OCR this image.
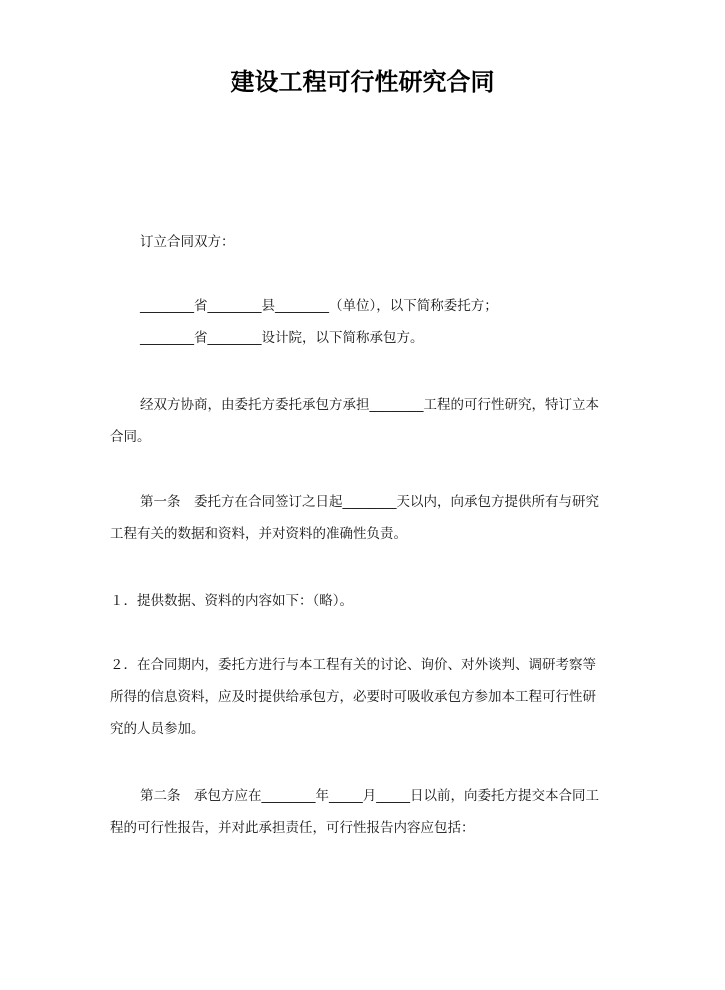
建设工程可行性研究合同
订立合同双方：
________省________县________（单位），以下简称委托方；
________省________设计院，以下简称承包方。
经双方协商，由委托方委托承包方承担________工程的可行性研究，特订立本
合同。
第一条　委托方在合同签订之日起________天以内，向承包方提供所有与研究
工程有关的数据和资料，并对资料的准确性负责。
１．提供数据、资料的内容如下：（略）。
２．在合同期内，委托方进行与本工程有关的讨论、询价、对外谈判、调研考察等
所得的信息资料，应及时提供给承包方，必要时可吸收承包方参加本工程可行性研
究的人员参加。
第二条　承包方应在________年_____月_____日以前，向委托方提交本合同工
程的可行性报告，并对此承担责任，可行性报告内容应包括：
